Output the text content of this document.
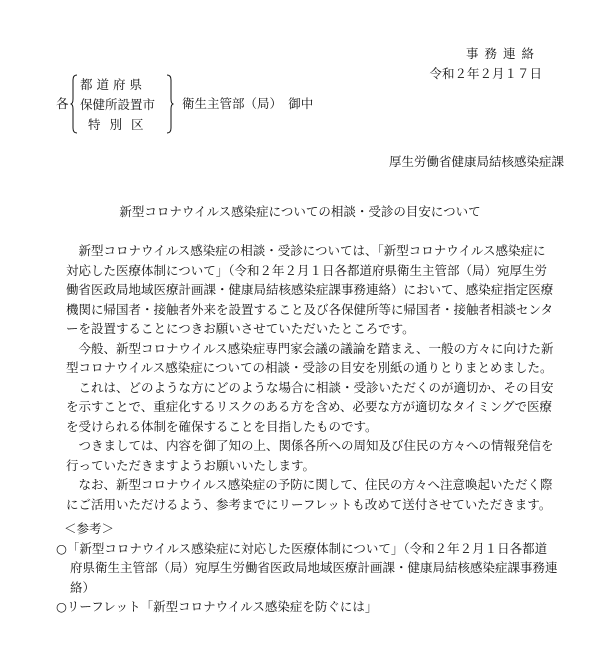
事務連絡
令和２年２月１７日
各
都道府県
保健所設置市
特別区
衛生主管部（局）　御中
厚生労働省健康局結核感染症課
新型コロナウイルス感染症についての相談・受診の目安について

　新型コロナウイルス感染症の相談・受診については、「新型コロナウイルス感染症に
対応した医療体制について」（令和２年２月１日各都道府県衛生主管部（局）宛厚生労
働省医政局地域医療計画課・健康局結核感染症課事務連絡）において、感染症指定医療
機関に帰国者・接触者外来を設置すること及び各保健所等に帰国者・接触者相談センタ
ーを設置することにつきお願いさせていただいたところです。

　今般、新型コロナウイルス感染症専門家会議の議論を踏まえ、一般の方々に向けた新
型コロナウイルス感染症についての相談・受診の目安を別紙の通りとりまとめました。

　これは、どのような方にどのような場合に相談・受診いただくのが適切か、その目安
を示すことで、重症化するリスクのある方を含め、必要な方が適切なタイミングで医療
を受けられる体制を確保することを目指したものです。

　つきましては、内容を御了知の上、関係各所への周知及び住民の方々への情報発信を
行っていただきますようお願いいたします。

　なお、新型コロナウイルス感染症の予防に関して、住民の方々へ注意喚起いただく際
にご活用いただけるよう、参考までにリーフレットも改めて送付させていただきます。

＜参考＞
○「新型コロナウイルス感染症に対応した医療体制について」（令和２年２月１日各都道
府県衛生主管部（局）宛厚生労働省医政局地域医療計画課・健康局結核感染症課事務連
絡）
○リーフレット「新型コロナウイルス感染症を防ぐには」
